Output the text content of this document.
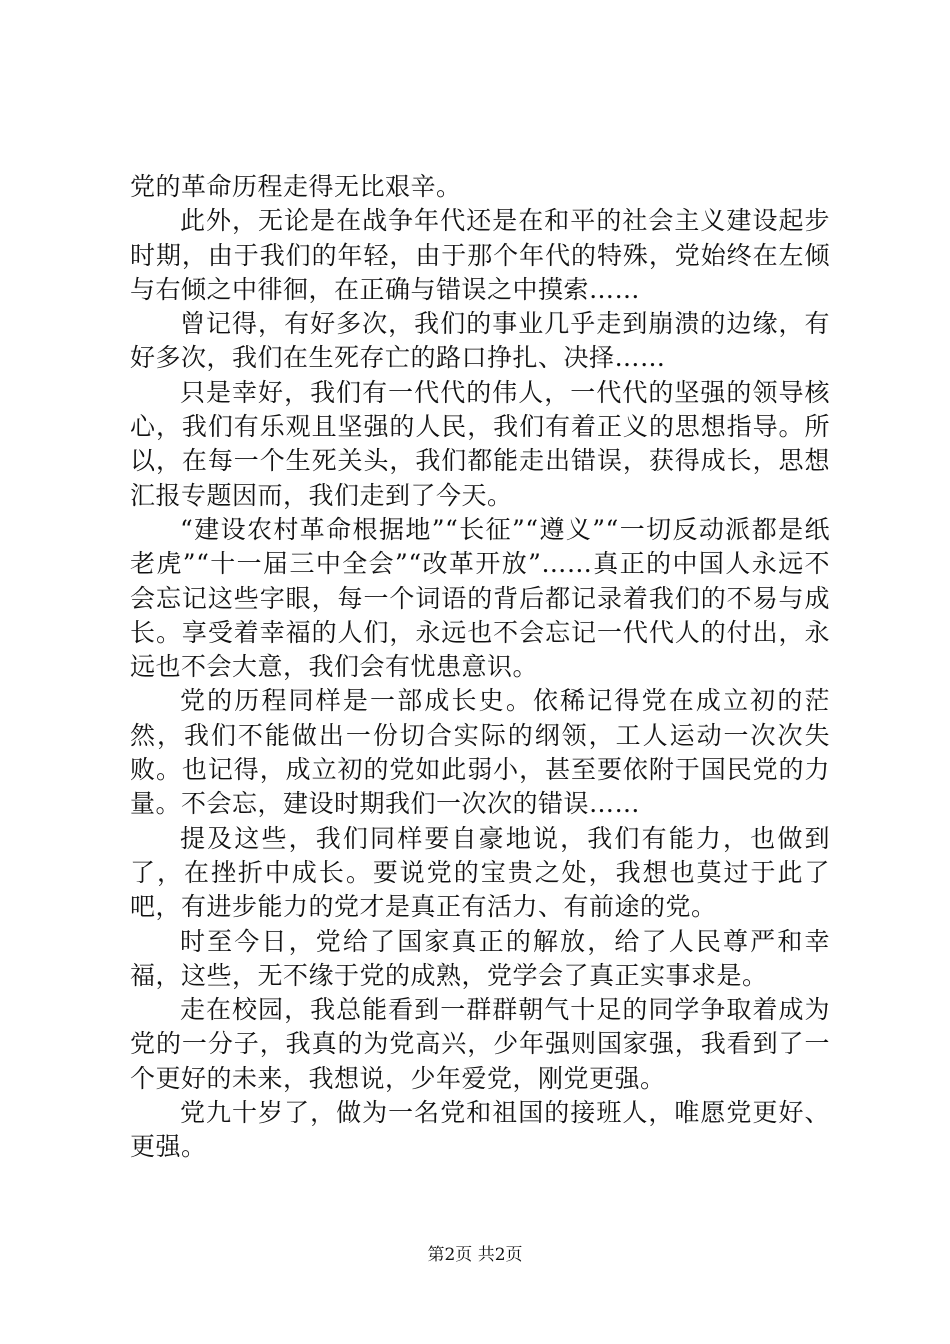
党的革命历程走得无比艰辛。

此外，无论是在战争年代还是在和平的社会主义建设起步时期，由于我们的年轻，由于那个年代的特殊，党始终在左倾与右倾之中徘徊，在正确与错误之中摸索……

曾记得，有好多次，我们的事业几乎走到崩溃的边缘，有好多次，我们在生死存亡的路口挣扎、决择……

只是幸好，我们有一代代的伟人，一代代的坚强的领导核心，我们有乐观且坚强的人民，我们有着正义的思想指导。所以，在每一个生死关头，我们都能走出错误，获得成长，思想汇报专题因而，我们走到了今天。

“建设农村革命根据地”“长征”“遵义”“一切反动派都是纸老虎”“十一届三中全会”“改革开放”……真正的中国人永远不会忘记这些字眼，每一个词语的背后都记录着我们的不易与成长。享受着幸福的人们，永远也不会忘记一代代人的付出，永远也不会大意，我们会有忧患意识。

党的历程同样是一部成长史。依稀记得党在成立初的茫然，我们不能做出一份切合实际的纲领，工人运动一次次失败。也记得，成立初的党如此弱小，甚至要依附于国民党的力量。不会忘，建设时期我们一次次的错误……

提及这些，我们同样要自豪地说，我们有能力，也做到了，在挫折中成长。要说党的宝贵之处，我想也莫过于此了吧，有进步能力的党才是真正有活力、有前途的党。

时至今日，党给了国家真正的解放，给了人民尊严和幸福，这些，无不缘于党的成熟，党学会了真正实事求是。

走在校园，我总能看到一群群朝气十足的同学争取着成为党的一分子，我真的为党高兴，少年强则国家强，我看到了一个更好的未来，我想说，少年爱党，刚党更强。

党九十岁了，做为一名党和祖国的接班人，唯愿党更好、更强。

第2页 共2页
